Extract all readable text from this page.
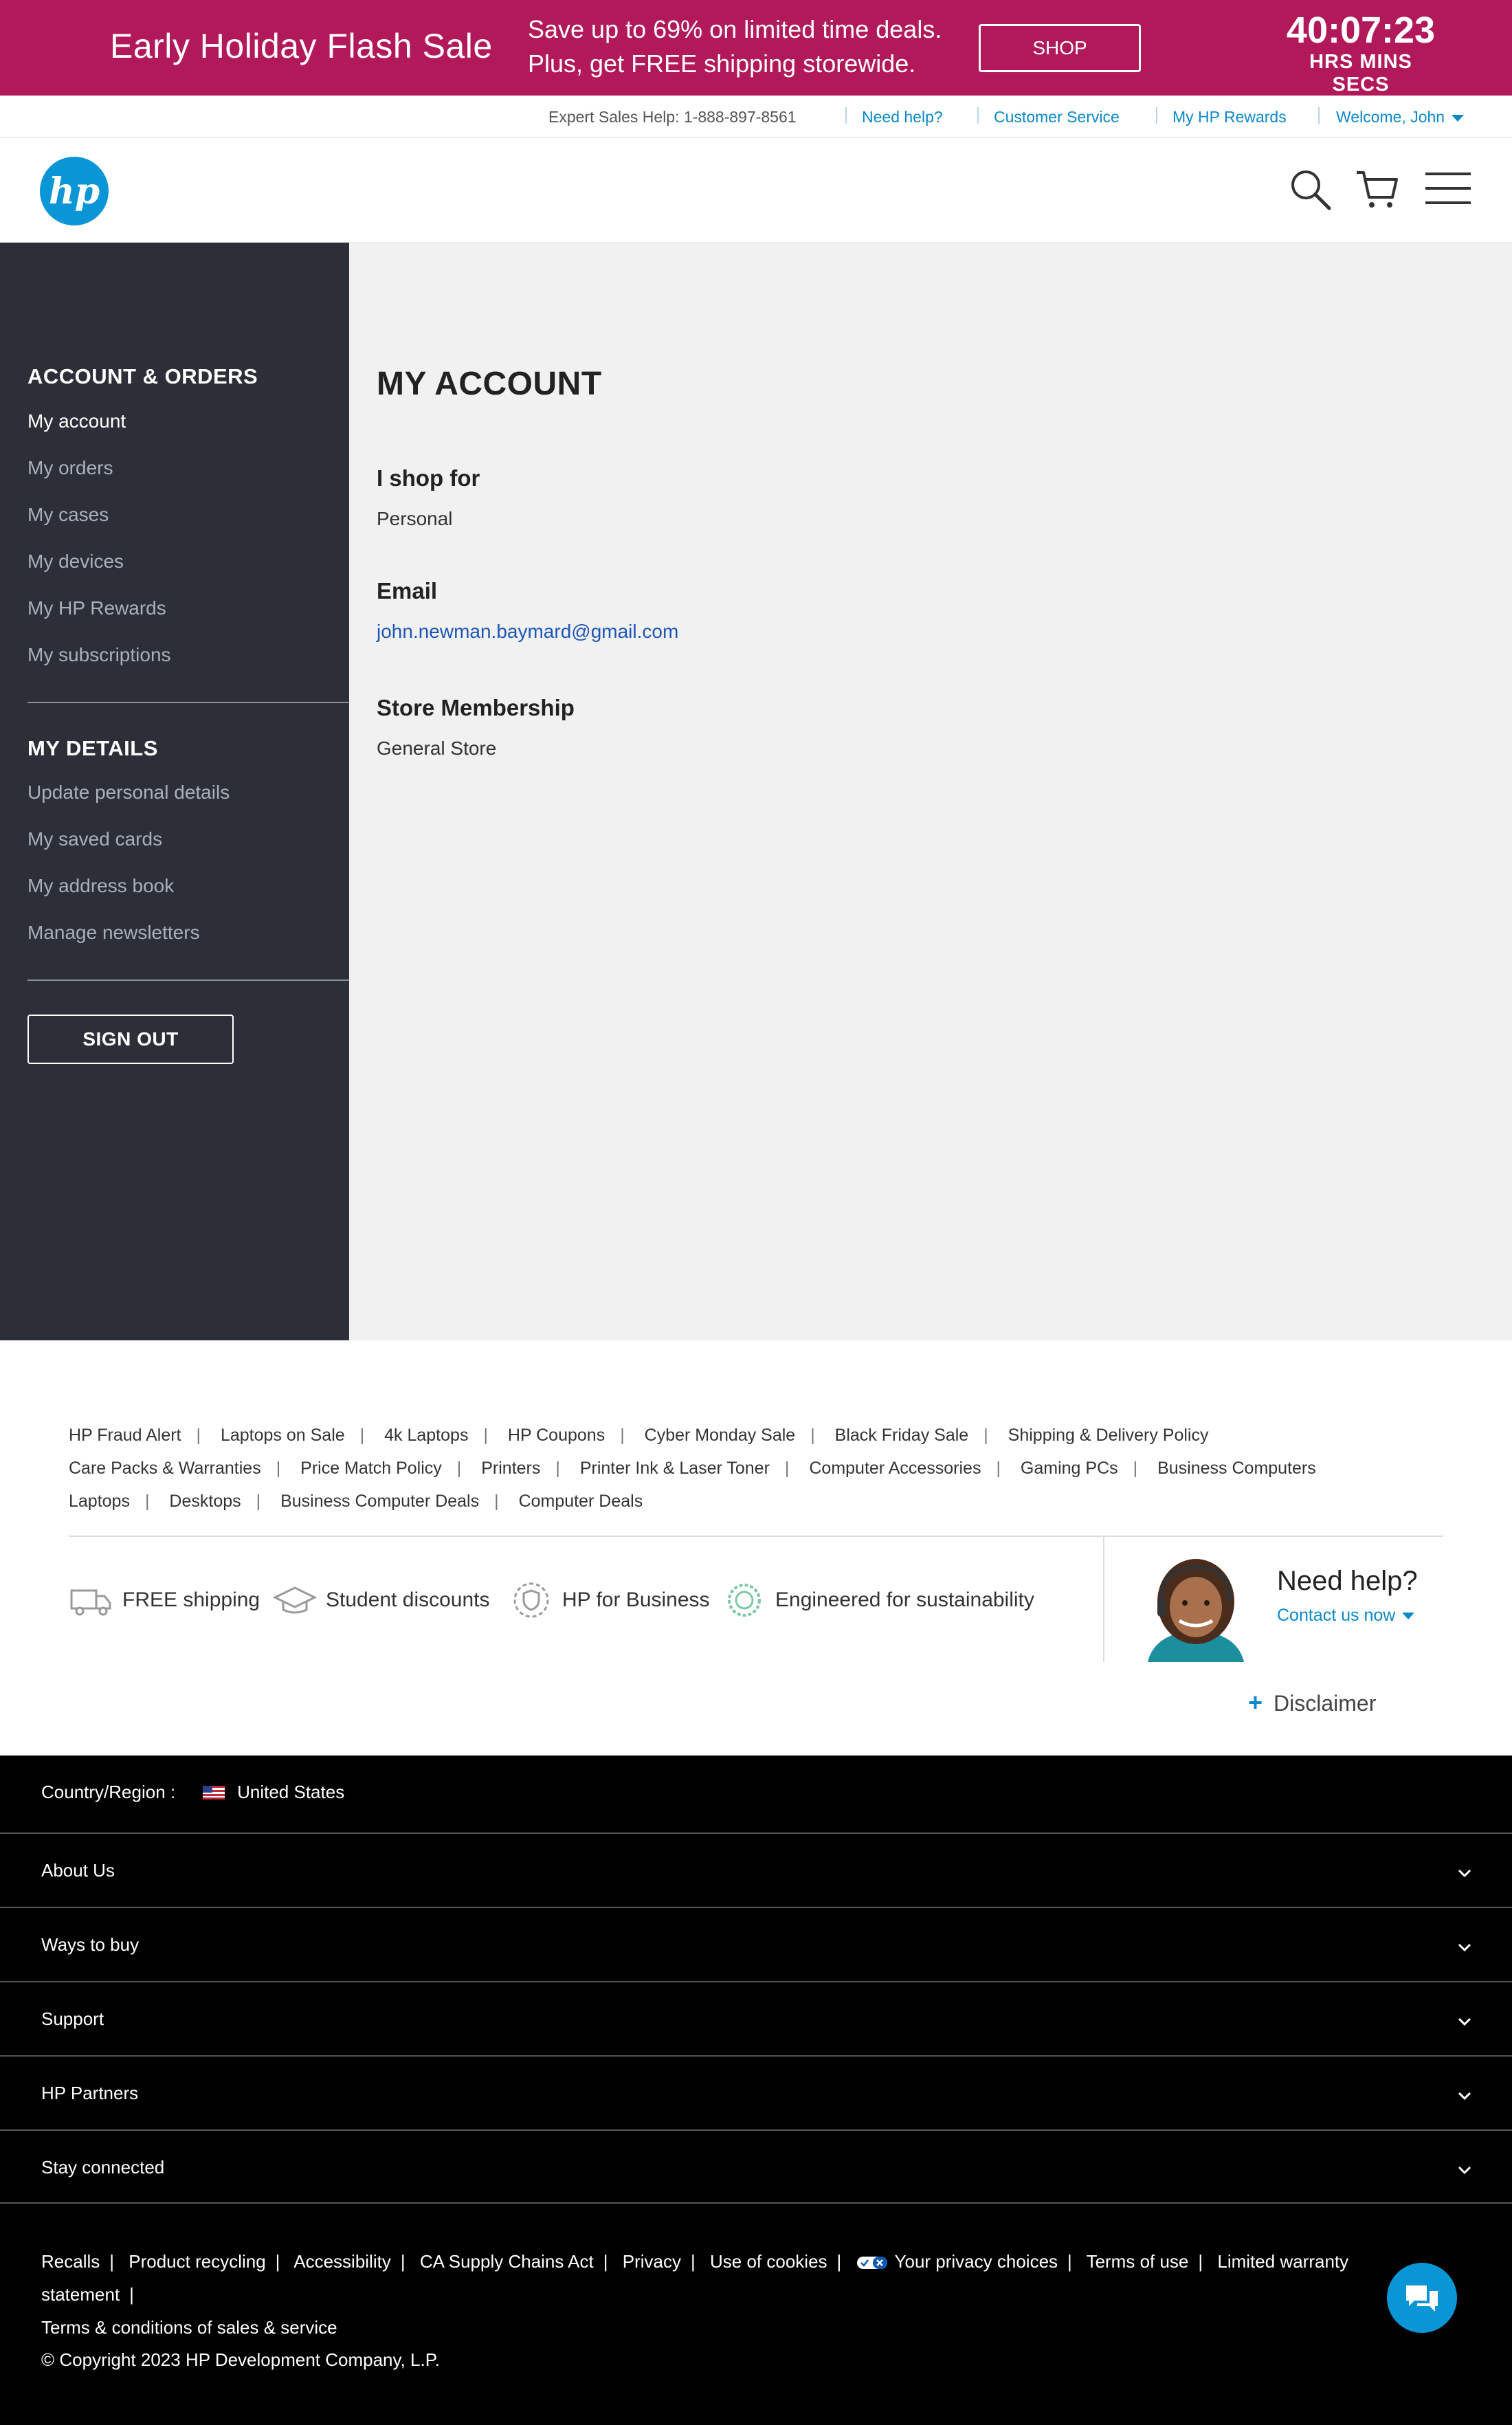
Early Holiday Flash Sale Save up to 69% on limited time deals.
Plus, get FREE shipping storewide.
SHOP	40:07:23
HRS MINS SECS
Expert Sales Help: 1-888-897-8561	Need help?	Customer Service	My HP Rewards	Welcome, John
hp
ACCOUNT & ORDERS
My account
My orders
My cases
My devices
My HP Rewards
My subscriptions
MY DETAILS
Update personal details
My saved cards
My address book
Manage newsletters
SIGN OUT
MY ACCOUNT
I shop for
Personal
Email
john.newman.baymard@gmail.com
Store Membership
General Store
HP Fraud Alert | Laptops on Sale | 4k Laptops | HP Coupons | Cyber Monday Sale | Black Friday Sale | Shipping & Delivery Policy
Care Packs & Warranties | Price Match Policy | Printers | Printer Ink & Laser Toner | Computer Accessories | Gaming PCs | Business Computers
Laptops | Desktops | Business Computer Deals | Computer Deals
FREE shipping	Student discounts	HP for Business	Engineered for sustainability
Need help?
Contact us now
+ Disclaimer
Country/Region :	United States
About Us
Ways to buy
Support
HP Partners
Stay connected
Recalls | Product recycling | Accessibility | CA Supply Chains Act | Privacy | Use of cookies |	Your privacy choices | Terms of use | Limited warranty statement |
Terms & conditions of sales & service
© Copyright 2023 HP Development Company, L.P.
